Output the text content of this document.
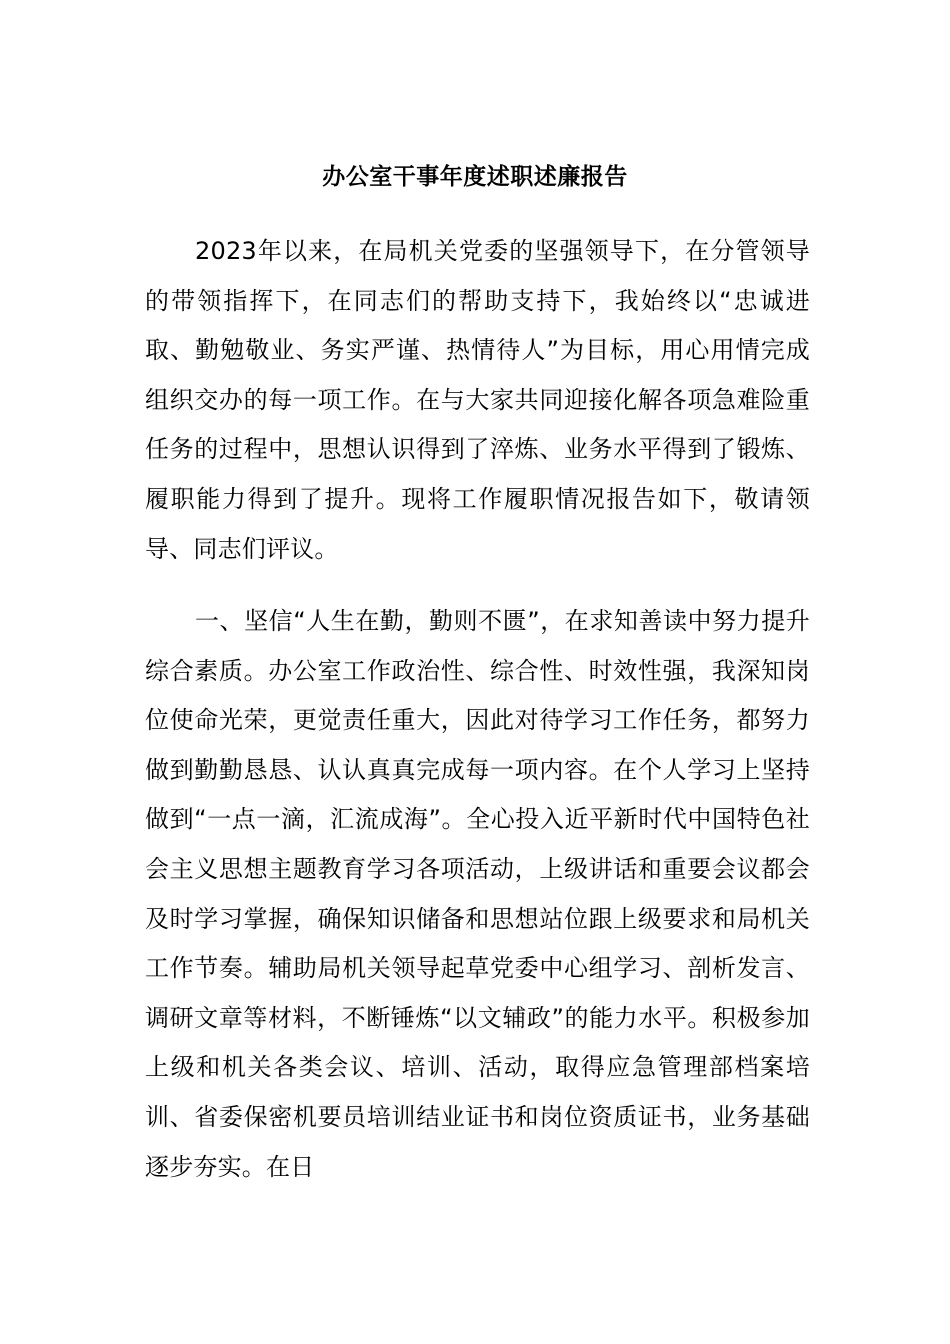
办公室干事年度述职述廉报告

2023年以来，在局机关党委的坚强领导下，在分管领导的带领指挥下，在同志们的帮助支持下，我始终以“忠诚进取、勤勉敬业、务实严谨、热情待人”为目标，用心用情完成组织交办的每一项工作。在与大家共同迎接化解各项急难险重任务的过程中，思想认识得到了淬炼、业务水平得到了锻炼、履职能力得到了提升。现将工作履职情况报告如下，敬请领导、同志们评议。

一、坚信“人生在勤，勤则不匮”，在求知善读中努力提升综合素质。办公室工作政治性、综合性、时效性强，我深知岗位使命光荣，更觉责任重大，因此对待学习工作任务，都努力做到勤勤恳恳、认认真真完成每一项内容。在个人学习上坚持做到“一点一滴，汇流成海”。全心投入近平新时代中国特色社会主义思想主题教育学习各项活动，上级讲话和重要会议都会及时学习掌握，确保知识储备和思想站位跟上级要求和局机关工作节奏。辅助局机关领导起草党委中心组学习、剖析发言、调研文章等材料，不断锤炼“以文辅政”的能力水平。积极参加上级和机关各类会议、培训、活动，取得应急管理部档案培训、省委保密机要员培训结业证书和岗位资质证书，业务基础逐步夯实。在日
